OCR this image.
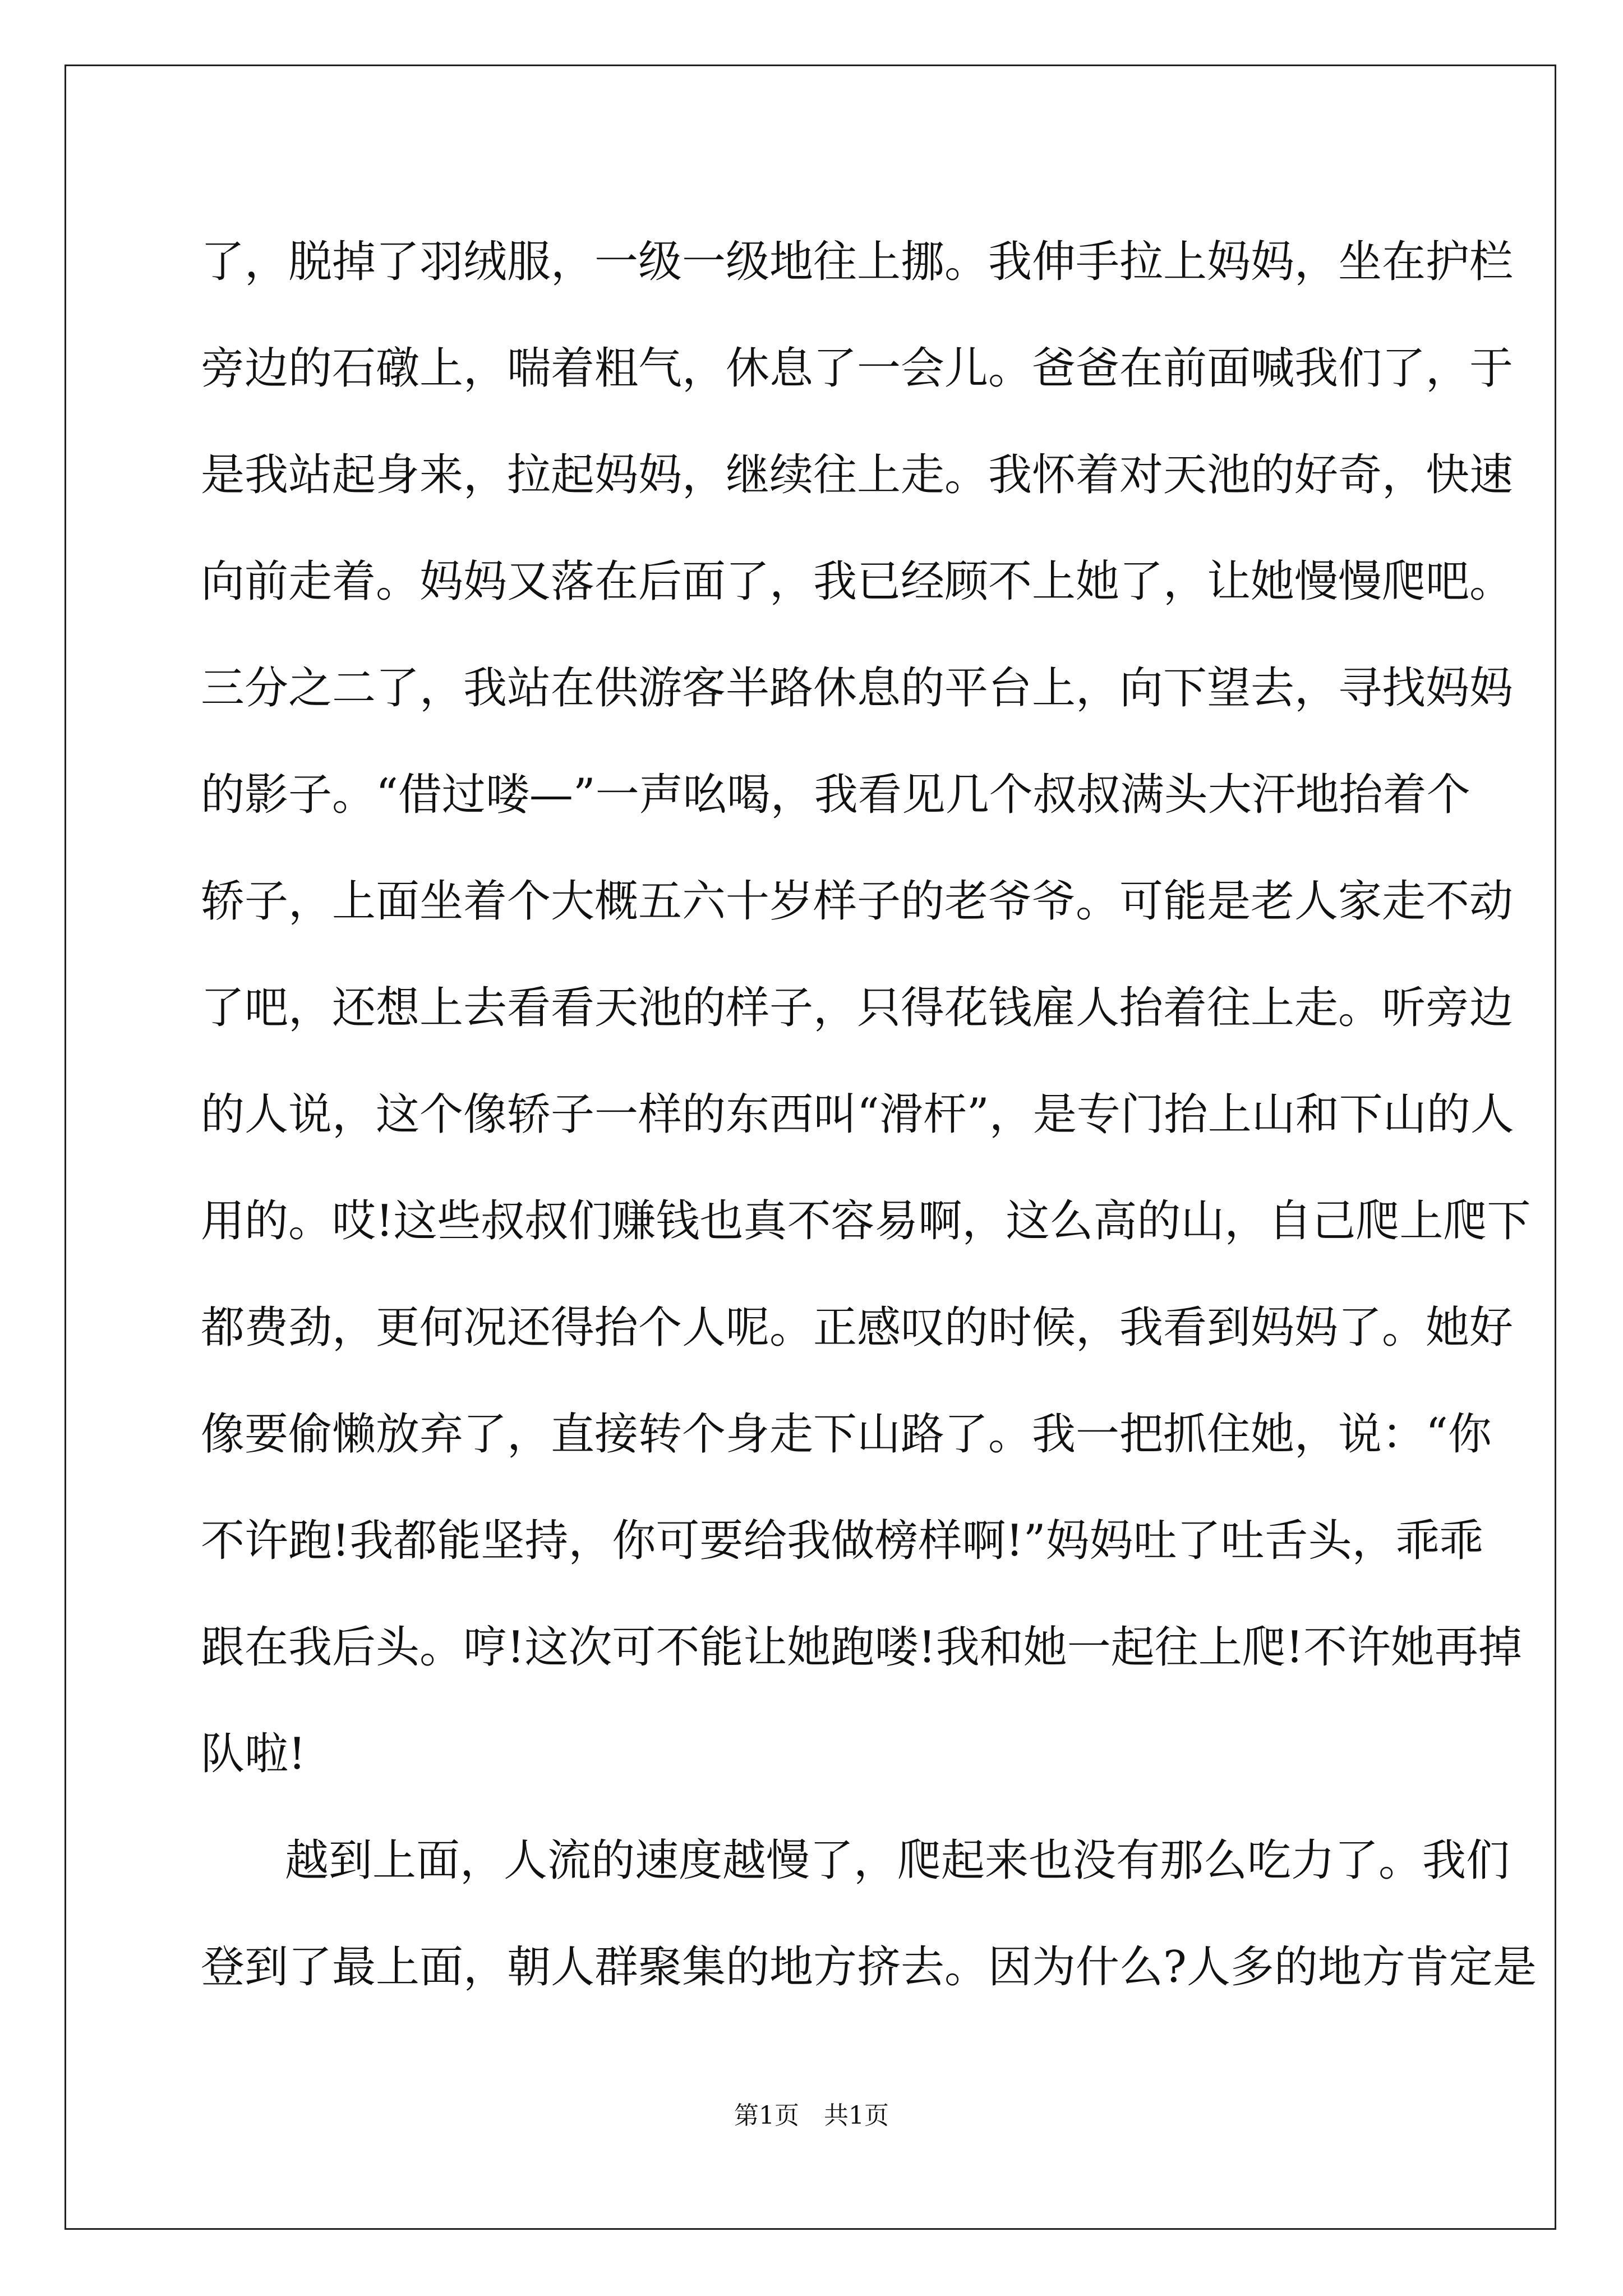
了，脱掉了羽绒服，一级一级地往上挪。我伸手拉上妈妈，坐在护栏
旁边的石礅上，喘着粗气，休息了一会儿。爸爸在前面喊我们了，于
是我站起身来，拉起妈妈，继续往上走。我怀着对天池的好奇，快速
向前走着。妈妈又落在后面了，我已经顾不上她了，让她慢慢爬吧。
三分之二了，我站在供游客半路休息的平台上，向下望去，寻找妈妈
的影子。“借过喽—”一声吆喝，我看见几个叔叔满头大汗地抬着个
轿子，上面坐着个大概五六十岁样子的老爷爷。可能是老人家走不动
了吧，还想上去看看天池的样子，只得花钱雇人抬着往上走。听旁边
的人说，这个像轿子一样的东西叫“滑杆”，是专门抬上山和下山的人
用的。哎!这些叔叔们赚钱也真不容易啊，这么高的山，自己爬上爬下
都费劲，更何况还得抬个人呢。正感叹的时候，我看到妈妈了。她好
像要偷懒放弃了，直接转个身走下山路了。我一把抓住她，说：“你
不许跑!我都能坚持，你可要给我做榜样啊!”妈妈吐了吐舌头，乖乖
跟在我后头。哼!这次可不能让她跑喽!我和她一起往上爬!不许她再掉
队啦!
越到上面，人流的速度越慢了，爬起来也没有那么吃力了。我们
登到了最上面，朝人群聚集的地方挤去。因为什么?人多的地方肯定是
第1页　共1页
